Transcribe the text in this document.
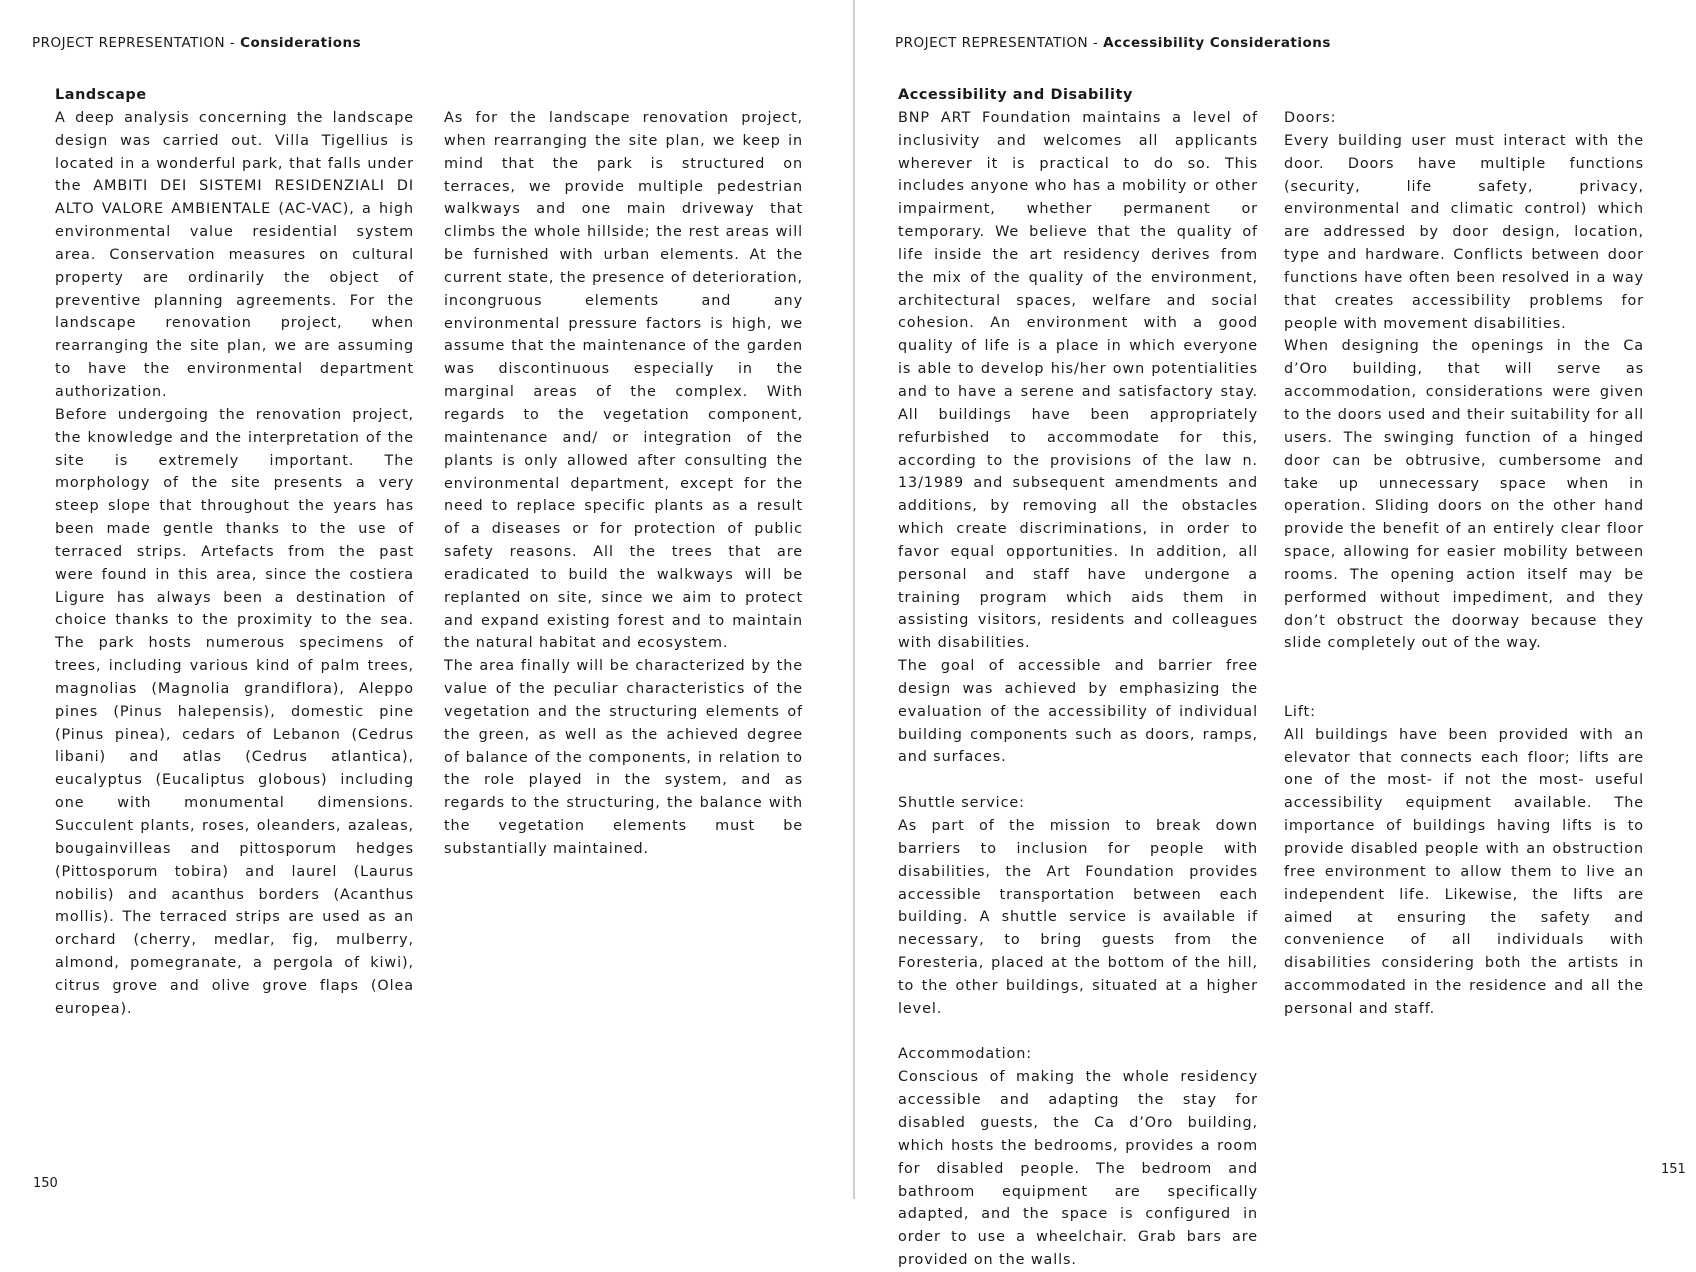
PROJECT REPRESENTATION - Considerations

Landscape

A deep analysis concerning the landscape design was carried out. Villa Tigellius is located in a wonderful park, that falls under the AMBITI DEI SISTEMI RESIDENZIALI DI ALTO VALORE AMBIENTALE (AC-VAC), a high environmental value residential system area. Conservation measures on cultural property are ordinarily the object of preventive planning agreements. For the landscape renovation project, when rearranging the site plan, we are assuming to have the environmental department authorization.

Before undergoing the renovation project, the knowledge and the interpretation of the site is extremely important. The morphology of the site presents a very steep slope that throughout the years has been made gentle thanks to the use of terraced strips. Artefacts from the past were found in this area, since the costiera Ligure has always been a destination of choice thanks to the proximity to the sea. The park hosts numerous specimens of trees, including various kind of palm trees, magnolias (Magnolia grandiflora), Aleppo pines (Pinus halepensis), domestic pine (Pinus pinea), cedars of Lebanon (Cedrus libani) and atlas (Cedrus atlantica), eucalyptus (Eucaliptus globous) including one with monumental dimensions. Succulent plants, roses, oleanders, azaleas, bougainvilleas and pittosporum hedges (Pittosporum tobira) and laurel (Laurus nobilis) and acanthus borders (Acanthus mollis). The terraced strips are used as an orchard (cherry, medlar, fig, mulberry, almond, pomegranate, a pergola of kiwi), citrus grove and olive grove flaps (Olea europea).

As for the landscape renovation project, when rearranging the site plan, we keep in mind that the park is structured on terraces, we provide multiple pedestrian walkways and one main driveway that climbs the whole hillside; the rest areas will be furnished with urban elements. At the current state, the presence of deterioration, incongruous elements and any environmental pressure factors is high, we assume that the maintenance of the garden was discontinuous especially in the marginal areas of the complex. With regards to the vegetation component, maintenance and/ or integration of the plants is only allowed after consulting the environmental department, except for the need to replace specific plants as a result of a diseases or for protection of public safety reasons. All the trees that are eradicated to build the walkways will be replanted on site, since we aim to protect and expand existing forest and to maintain the natural habitat and ecosystem.

The area finally will be characterized by the value of the peculiar characteristics of the vegetation and the structuring elements of the green, as well as the achieved degree of balance of the components, in relation to the role played in the system, and as regards to the structuring, the balance with the vegetation elements must be substantially maintained.

150
PROJECT REPRESENTATION - Accessibility Considerations

Accessibility and Disability

BNP ART Foundation maintains a level of inclusivity and welcomes all applicants wherever it is practical to do so. This includes anyone who has a mobility or other impairment, whether permanent or temporary. We believe that the quality of life inside the art residency derives from the mix of the quality of the environment, architectural spaces, welfare and social cohesion. An environment with a good quality of life is a place in which everyone is able to develop his/her own potentialities and to have a serene and satisfactory stay. All buildings have been appropriately refurbished to accommodate for this, according to the provisions of the law n. 13/1989 and subsequent amendments and additions, by removing all the obstacles which create discriminations, in order to favor equal opportunities. In addition, all personal and staff have undergone a training program which aids them in assisting visitors, residents and colleagues with disabilities.

The goal of accessible and barrier free design was achieved by emphasizing the evaluation of the accessibility of individual building components such as doors, ramps, and surfaces.

Shuttle service:

As part of the mission to break down barriers to inclusion for people with disabilities, the Art Foundation provides accessible transportation between each building. A shuttle service is available if necessary, to bring guests from the Foresteria, placed at the bottom of the hill, to the other buildings, situated at a higher level.

Accommodation:

Conscious of making the whole residency accessible and adapting the stay for disabled guests, the Ca d’Oro building, which hosts the bedrooms, provides a room for disabled people. The bedroom and bathroom equipment are specifically adapted, and the space is configured in order to use a wheelchair. Grab bars are provided on the walls.

Doors:

Every building user must interact with the door. Doors have multiple functions (security, life safety, privacy, environmental and climatic control) which are addressed by door design, location, type and hardware. Conflicts between door functions have often been resolved in a way that creates accessibility problems for people with movement disabilities.

When designing the openings in the Ca d’Oro building, that will serve as accommodation, considerations were given to the doors used and their suitability for all users. The swinging function of a hinged door can be obtrusive, cumbersome and take up unnecessary space when in operation. Sliding doors on the other hand provide the benefit of an entirely clear floor space, allowing for easier mobility between rooms. The opening action itself may be performed without impediment, and they don’t obstruct the doorway because they slide completely out of the way.

Lift:

All buildings have been provided with an elevator that connects each floor; lifts are one of the most- if not the most- useful accessibility equipment available. The importance of buildings having lifts is to provide disabled people with an obstruction free environment to allow them to live an independent life. Likewise, the lifts are aimed at ensuring the safety and convenience of all individuals with disabilities considering both the artists in accommodated in the residence and all the personal and staff.

151
